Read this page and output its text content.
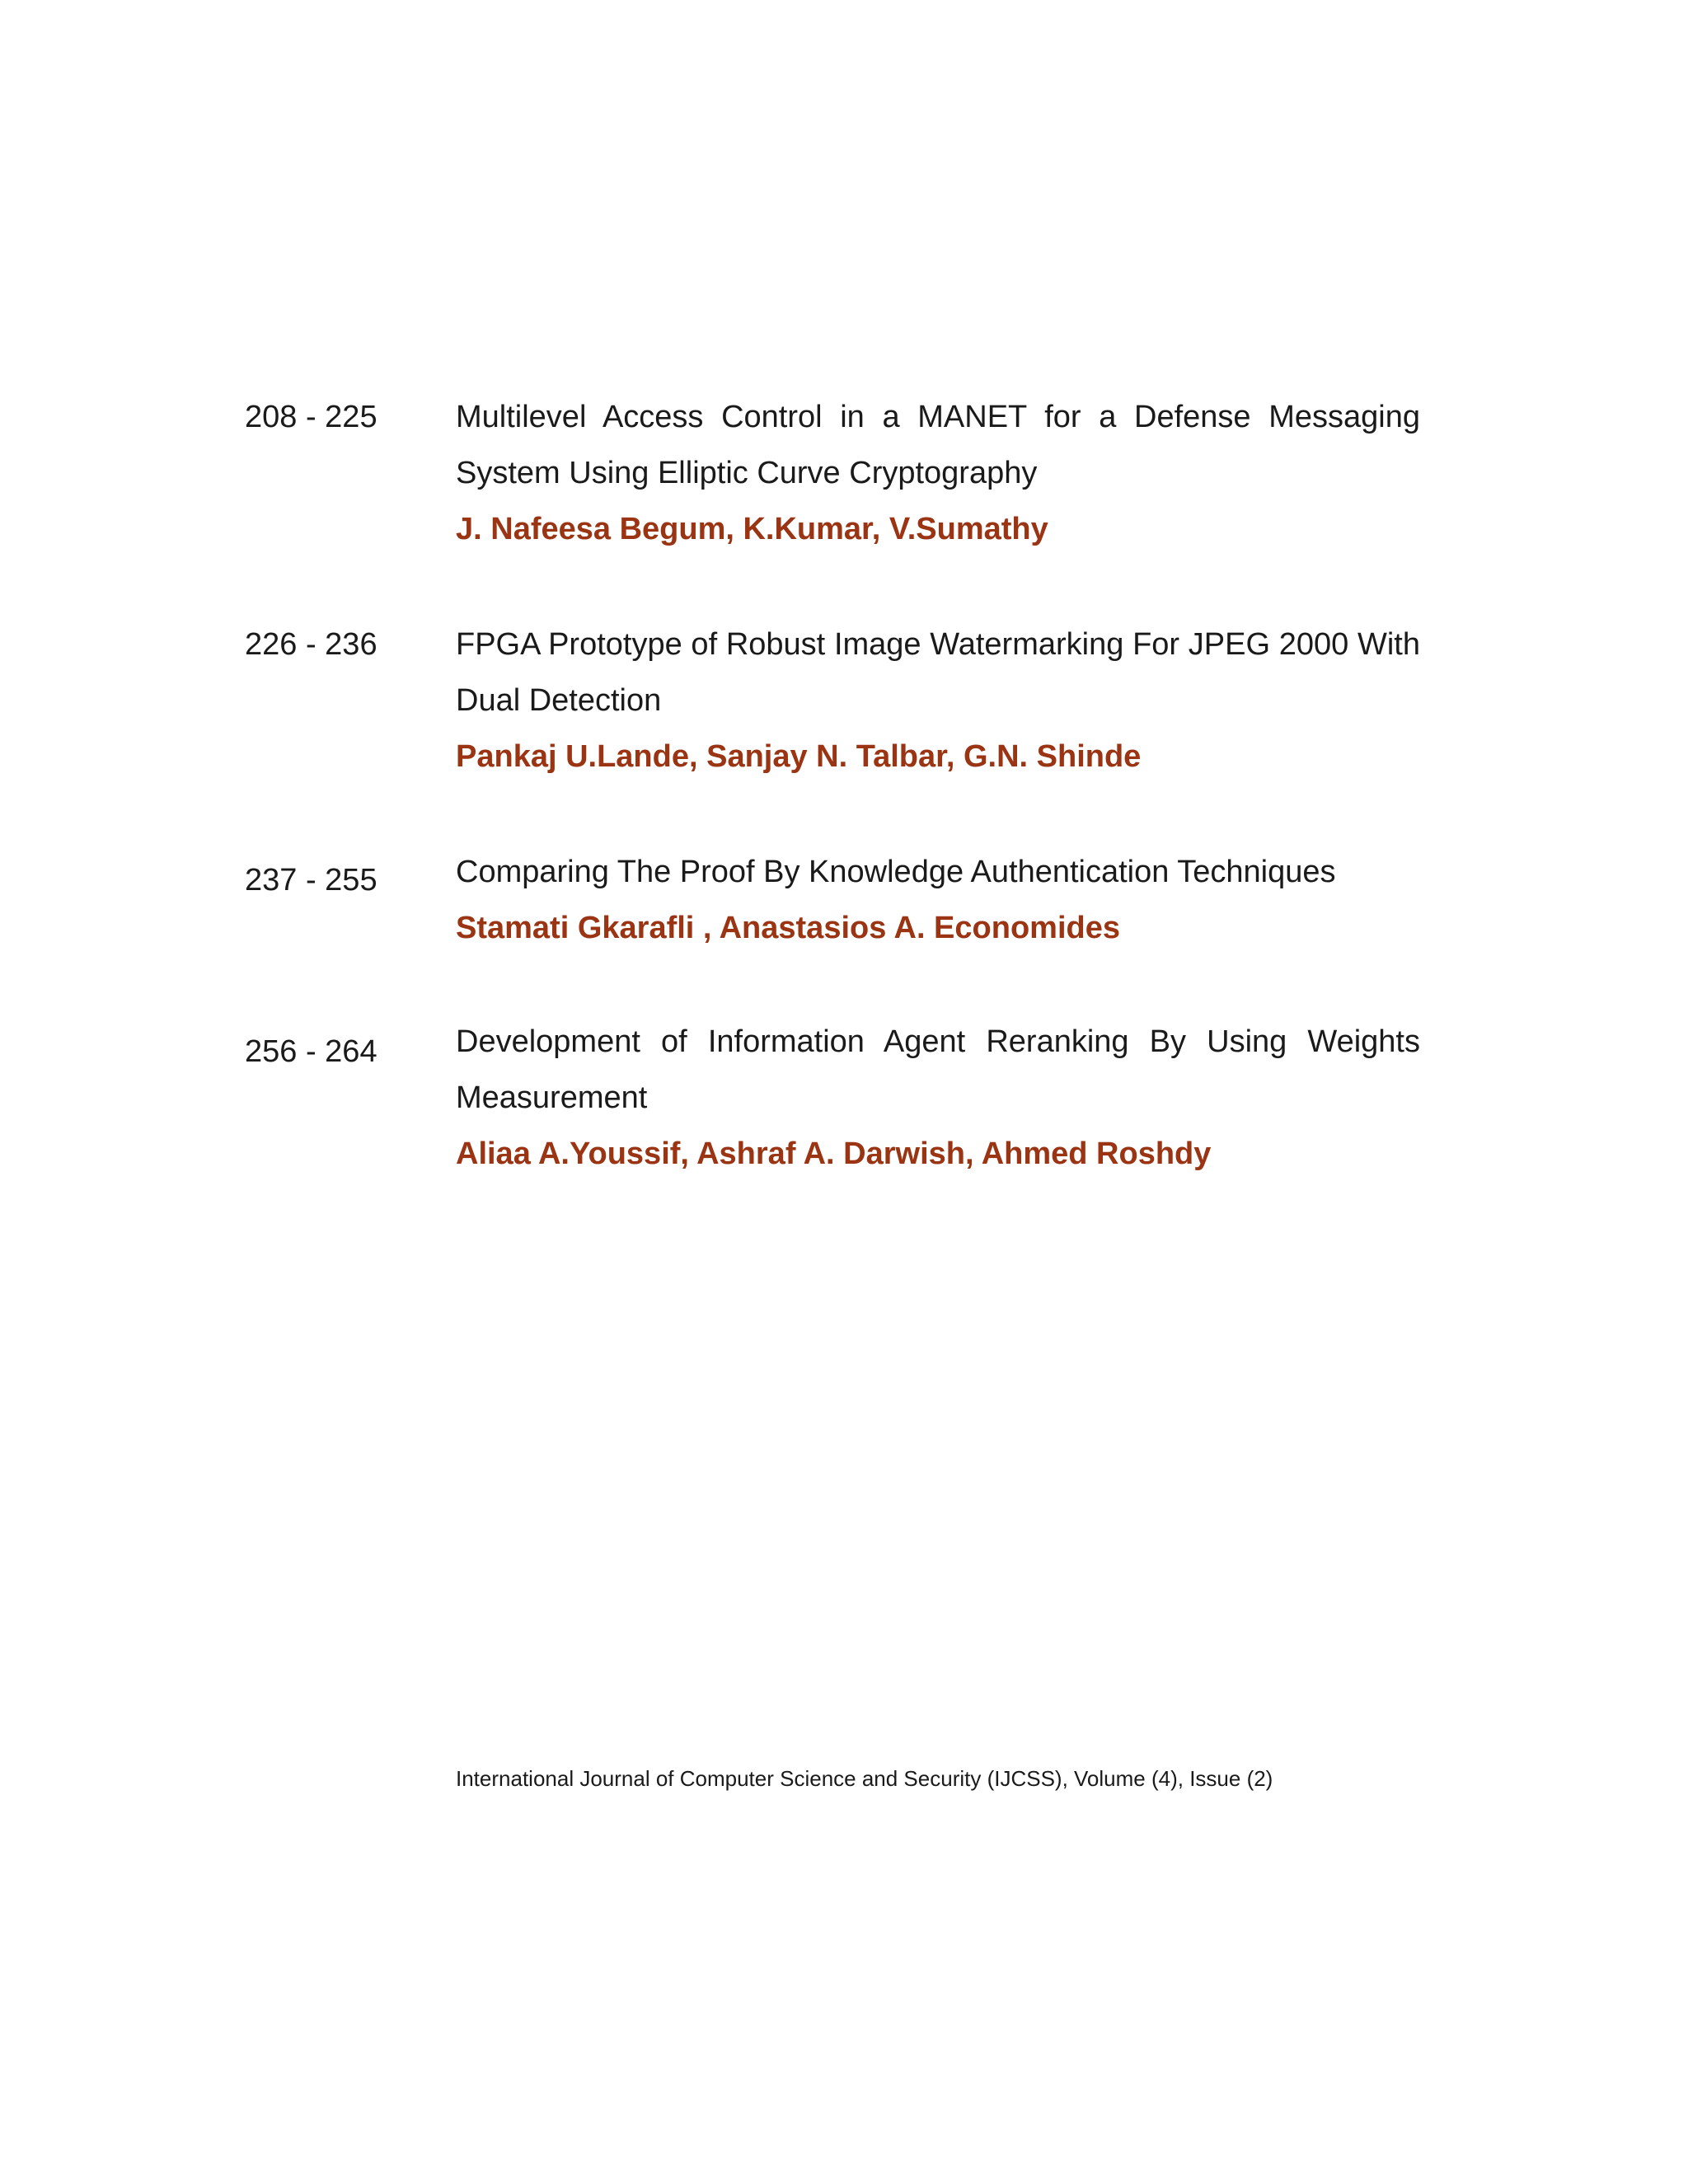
208 - 225	Multilevel Access Control in a MANET for a Defense Messaging System Using Elliptic Curve Cryptography
J. Nafeesa Begum, K.Kumar, V.Sumathy
226 - 236	FPGA Prototype of Robust Image Watermarking For JPEG 2000 With Dual Detection
Pankaj U.Lande, Sanjay N. Talbar, G.N. Shinde
237 - 255	Comparing The Proof By Knowledge Authentication Techniques
Stamati Gkarafli , Anastasios A. Economides
256 - 264	Development of Information Agent Reranking By Using Weights Measurement
Aliaa A.Youssif, Ashraf A. Darwish, Ahmed Roshdy
International Journal of Computer Science and Security (IJCSS), Volume (4), Issue (2)
